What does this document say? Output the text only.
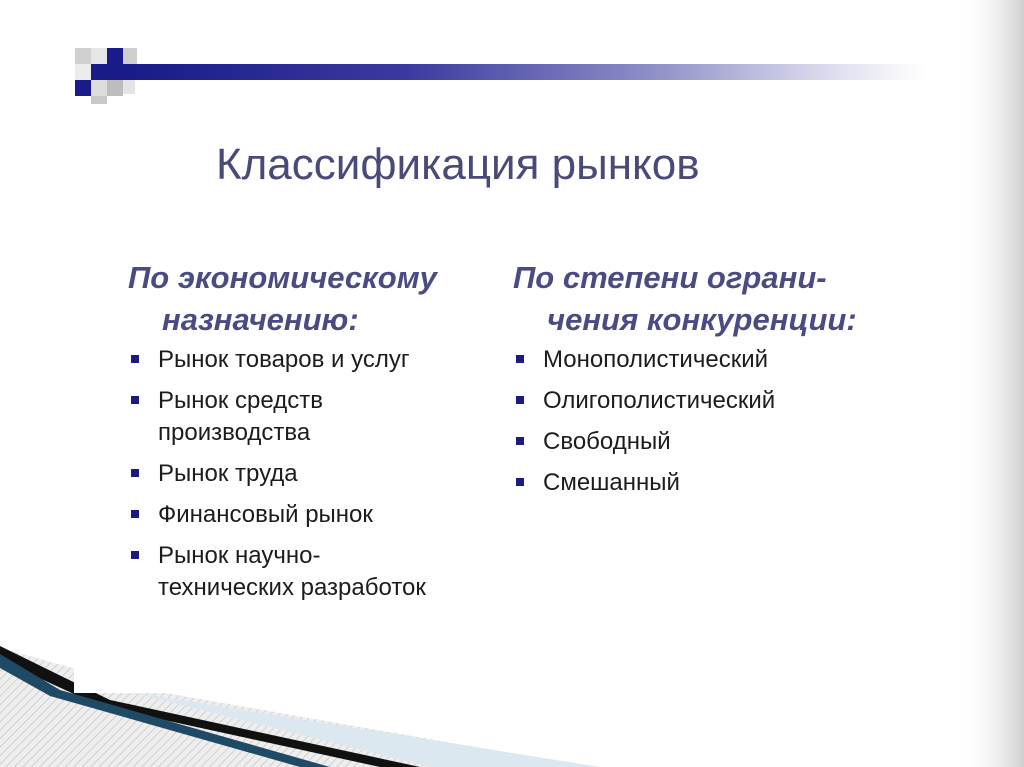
Классификация рынков
По экономическому
назначению:
Рынок товаров и услуг
Рынок средств
производства
Рынок труда
Финансовый рынок
Рынок научно-
технических разработок
По степени ограни-
чения конкуренции:
Монополистический
Олигополистический
Свободный
Смешанный
